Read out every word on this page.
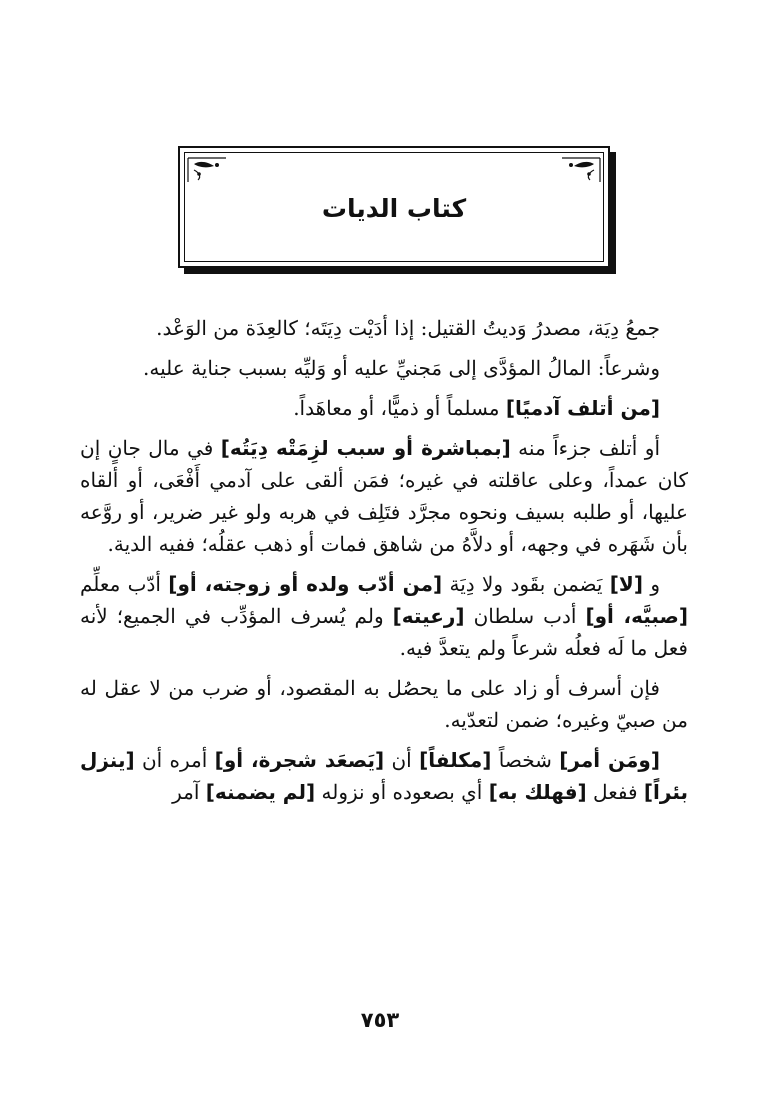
كتاب الديات

جمعُ دِيَة، مصدرُ وَديتُ القتيل: إذا أدَيْت دِيَتَه؛ كالعِدَة من الوَعْد.

وشرعاً: المالُ المؤدَّى إلى مَجنيِّ عليه أو وَليِّه بسبب جناية عليه.

[من أتلف آدميًا] مسلماً أو ذميًّا، أو معاهَداً.

أو أتلف جزءاً منه [بمباشرة أو سبب لزِمَتْه دِيَتُه] في مال جانٍ إن كان عمداً، وعلى عاقلته في غيره؛ فمَن ألقى على آدمي أَفْعَى، أو ألقاه عليها، أو طلبه بسيف ونحوه مجرَّد فتَلِف في هربه ولو غير ضرير، أو روَّعه بأن شَهَره في وجهه، أو دلاَّهُ من شاهق فمات أو ذهب عقلُه؛ ففيه الدية.

و [لا] يَضمن بقَود ولا دِيَة [من أدّب ولده أو زوجته، أو] أدّب معلِّم [صبيَّه، أو] أدب سلطان [رعيته] ولم يُسرف المؤدِّب في الجميع؛ لأنه فعل ما لَه فعلُه شرعاً ولم يتعدَّ فيه.

فإن أسرف أو زاد على ما يحصُل به المقصود، أو ضرب من لا عقل له من صبيّ وغيره؛ ضمن لتعدّيه.

[ومَن أمر] شخصاً [مكلفاً] أن [يَصعَد شجرة، أو] أمره أن [ينزل بئراً] ففعل [فهلك به] أي بصعوده أو نزوله [لم يضمنه] آمر

٧٥٣
